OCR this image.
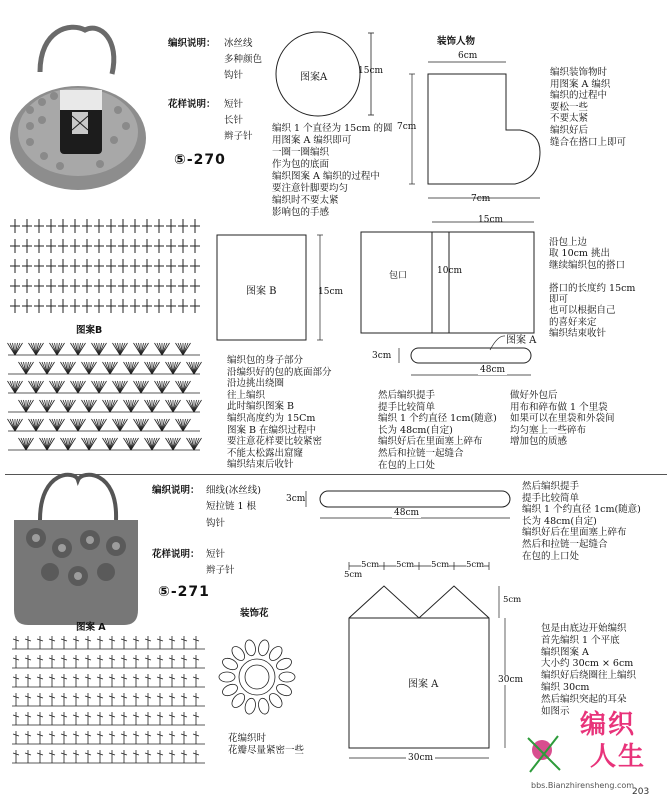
编织说明： 冰丝线
多种颜色
钩针
花样说明： 短针
长针
辫子针
⑤-270
图案A
15cm
编织 1 个直径为 15cm 的圆
用图案 A 编织即可
一圈一圈编织
作为包的底面
编织图案 A 编织的过程中
要注意针脚要均匀
编织时不要太紧
影响包的手感
装饰人物
6cm
7cm
7cm
编织装饰物时
用图案 A 编织
编织的过程中
要松一些
不要太紧
编织好后
缝合在搭口上即可
图案B
图案 B	15cm
15cm
包口	10cm
图案 A
沿包上边
取 10cm 挑出
继续编织包的搭口
搭口的长度约 15cm
即可
也可以根据自己
的喜好来定
编织结束收针
3cm
48cm
编织包的身子部分
沿编织好的包的底面部分
沿边挑出绕圈
往上编织
此时编织图案 B
编织高度约为 15Cm
图案 B 在编织过程中
要注意花样要比较紧密
不能太松露出窟窿
编织结束后收针
然后编织提手
提手比较简单
编织 1 个约直径 1cm(随意)
长为 48cm(自定)
编织好后在里面塞上碎布
然后和拉链一起缝合
在包的上口处
做好外包后
用布和碎布做 1 个里袋
如果可以在里袋和外袋间
均匀塞上一些碎布
增加包的质感
编织说明： 细线(冰丝线)
短拉链 1 根
钩针
花样说明： 短针
辫子针
⑤-271
3cm
48cm
然后编织提手
提手比较简单
编织 1 个约直径 1cm(随意)
长为 48cm(自定)
编织好后在里面塞上碎布
然后和拉链一起缝合
在包的上口处
图案 A
装饰花
花编织时
花瓣尽量紧密一些
5cm 5cm 5cm 5cm
5cm
5cm
30cm
30cm
图案 A
包是由底边开始编织
首先编织 1 个平底
编织图案 A
大小约 30cm × 6cm
编织好后绕圈往上编织
编织 30cm
然后编织突起的耳朵
如图示 编织
人生
bbs.Bianzhirensheng.com
203
